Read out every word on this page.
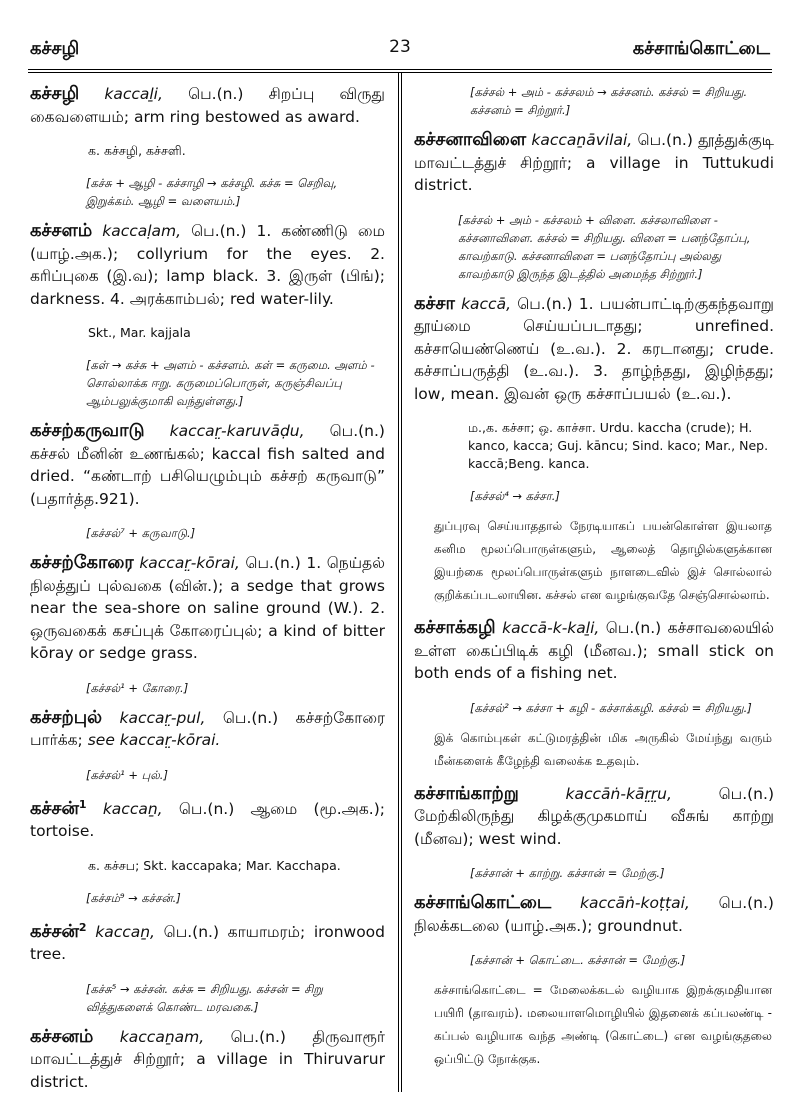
கச்சழி	23	கச்சாங்கொட்டை

கச்சழி kaccaḻi, பெ.(n.) சிறப்பு விருது கைவளையம்; arm ring bestowed as award.

க. கச்சழி, கச்சளி.

[கச்சு + ஆழி - கச்சாழி → கச்சழி. கச்சு = செறிவு, இறுக்கம். ஆழி = வளையம்.]

கச்சளம் kaccaḷam, பெ.(n.) 1. கண்ணிடு மை (யாழ்.அக.); collyrium for the eyes. 2. கரிப்புகை (இ.வ); lamp black. 3. இருள் (பிங்); darkness. 4. அரக்காம்பல்; red water-lily.

Skt., Mar. kajjala

[கள் → கச்சு + அளம் - கச்சளம். கள் = கருமை. அளம் - சொல்லாக்க ஈறு. கருமைப்பொருள், கருஞ்சிவப்பு ஆம்பலுக்குமாகி வந்துள்ளது.]

கச்சற்கருவாடு kaccar̤-karuvāḍu, பெ.(n.) கச்சல் மீனின் உணங்கல்; kaccal fish salted and dried. “கண்டாற் பசியெழும்பும் கச்சற் கருவாடு” (பதார்த்த.921).

[கச்சல்⁷ + கருவாடு.]

கச்சற்கோரை kaccar̤-kōrai, பெ.(n.) 1. நெய்தல் நிலத்துப் புல்வகை (வின்.); a sedge that grows near the sea-shore on saline ground (W.). 2. ஒருவகைக் கசப்புக் கோரைப்புல்; a kind of bitter kōray or sedge grass.

[கச்சல்¹ + கோரை.]

கச்சற்புல் kaccar̤-pul, பெ.(n.) கச்சற்கோரை பார்க்க; see kaccar̤-kōrai.

[கச்சல்¹ + புல்.]

கச்சன்$^1$ kaccaṉ, பெ.(n.) ஆமை (மூ.அக.); tortoise.

க. கச்சப; Skt. kaccapaka; Mar. Kacchapa.

[கச்சம்⁹ → கச்சன்.]

கச்சன்$^2$ kaccaṉ, பெ.(n.) காயாமரம்; ironwood tree.

[கச்சு⁵ → கச்சன். கச்சு = சிறியது. கச்சன் = சிறு வித்துகளைக் கொண்ட மரவகை.]

கச்சனம் kaccaṉam, பெ.(n.) திருவாரூர் மாவட்டத்துச் சிற்றூர்; a village in Thiruvarur district.

[கச்சல் + அம் - கச்சலம் → கச்சனம். கச்சல் = சிறியது. கச்சனம் = சிற்றூர்.]

கச்சனாவிளை kaccaṉāvilai, பெ.(n.) தூத்துக்குடி மாவட்டத்துச் சிற்றூர்; a village in Tuttukudi district.

[கச்சல் + அம் - கச்சலம் + விளை. கச்சலாவிளை - கச்சனாவிளை. கச்சல் = சிறியது. விளை = பனந்தோப்பு, காவற்காடு. கச்சனாவிளை = பனந்தோப்பு அல்லது காவற்காடு இருந்த இடத்தில் அமைந்த சிற்றூர்.]

கச்சா kaccā, பெ.(n.) 1. பயன்பாட்டிற்குகந்தவாறு தூய்மை செய்யப்படாதது; unrefined. கச்சாயெண்ணெய் (உ.வ.). 2. கரடானது; crude. கச்சாப்பருத்தி (உ.வ.). 3. தாழ்ந்தது, இழிந்தது; low, mean. இவன் ஒரு கச்சாப்பயல் (உ.வ.).

ம.,க. கச்சா; ஒ. காச்சா. Urdu. kaccha (crude); H. kanco, kacca; Guj. kāncu; Sind. kaco; Mar., Nep. kaccā;Beng. kanca.

[கச்சல்⁴ → கச்சா.]

துப்புரவு செய்யாததால் நேரடியாகப் பயன்கொள்ள இயலாத கனிம மூலப்பொருள்களும், ஆலைத் தொழில்களுக்கான இயற்கை மூலப்பொருள்களும் நாளடைவில் இச் சொல்லால் குறிக்கப்படலாயின. கச்சல் என வழங்குவதே செஞ்சொல்லாம்.

கச்சாக்கழி kaccā-k-kaḻi, பெ.(n.) கச்சாவலையில் உள்ள கைப்பிடிக் கழி (மீனவ.); small stick on both ends of a fishing net.

[கச்சல்² → கச்சா + கழி - கச்சாக்கழி. கச்சல் = சிறியது.]

இக் கொம்புகள் கட்டுமரத்தின் மிக அருகில் மேய்ந்து வரும் மீன்களைக் கீழேந்தி வலைக்க உதவும்.

கச்சாங்காற்று	kaccāṅ-kār̤r̤u, பெ.(n.) மேற்கிலிருந்து கிழக்குமுகமாய் வீசுங் காற்று (மீனவ); west wind.

[கச்சான் + காற்று. கச்சான் = மேற்கு.]

கச்சாங்கொட்டை kaccāṅ-koṭṭai, பெ.(n.) நிலக்கடலை (யாழ்.அக.); groundnut.

[கச்சான் + கொட்டை. கச்சான் = மேற்கு.]

கச்சாங்கொட்டை = மேலைக்கடல் வழியாக இறக்குமதியான பயிரி (தாவரம்). மலையாளமொழியில் இதனைக் கப்பலண்டி - கப்பல் வழியாக வந்த அண்டி (கொட்டை) என வழங்குதலை ஒப்பிட்டு நோக்குக.
